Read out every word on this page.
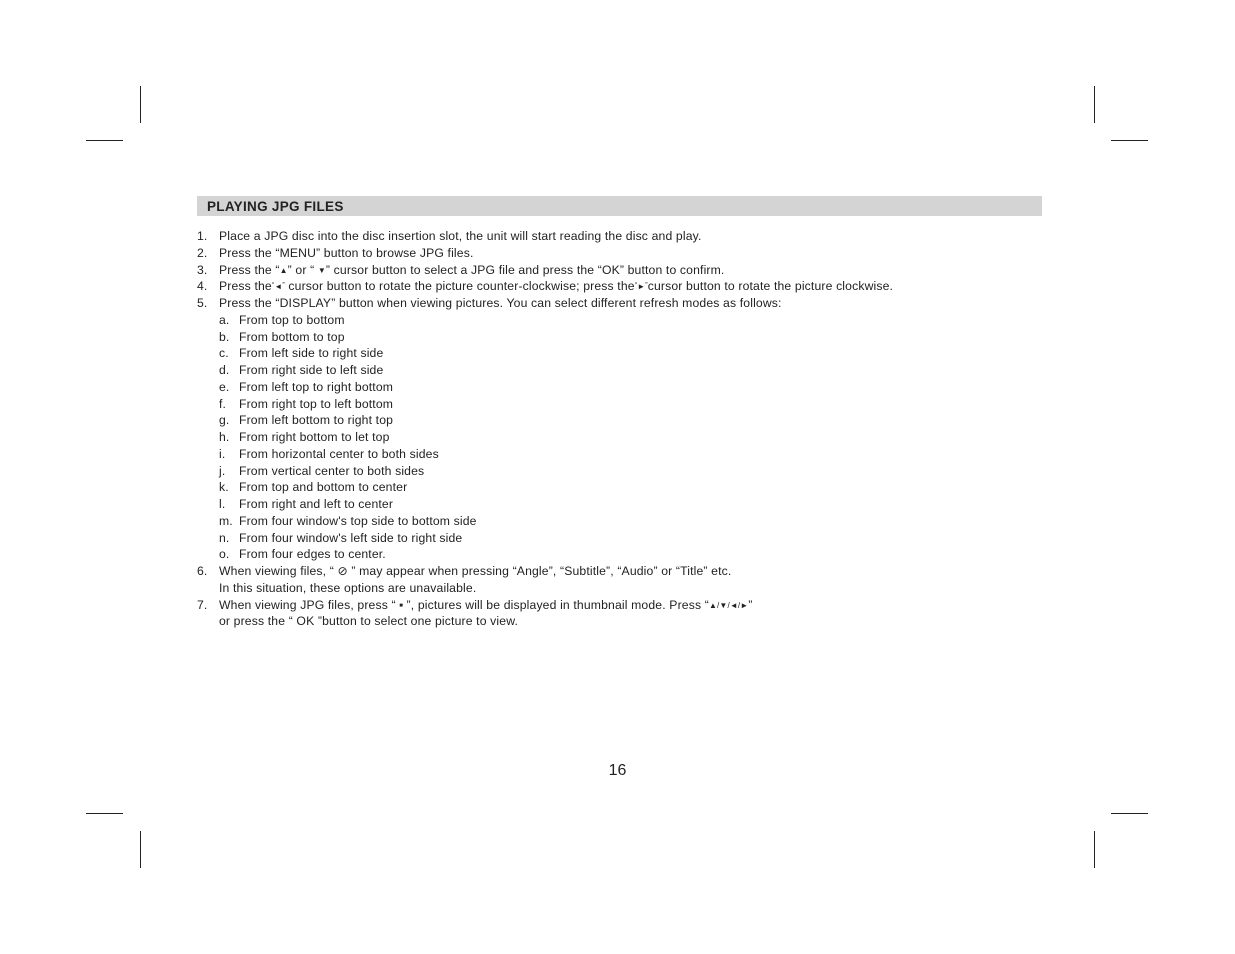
PLAYING JPG FILES
1. Place a JPG disc into the disc insertion slot, the unit will start reading the disc and play.
2. Press the “MENU” button to browse JPG files.
3. Press the “▲” or “ ▼” cursor button to select a JPG file and press the “OK” button to confirm.
4. Press the“◄” cursor button to rotate the picture counter-clockwise; press the“►”cursor button to rotate the picture clockwise.
5. Press the “DISPLAY” button when viewing pictures. You can select different refresh modes as follows:
a. From top to bottom
b. From bottom to top
c. From left side to right side
d. From right side to left side
e. From left top to right bottom
f. From right top to left bottom
g. From left bottom to right top
h. From right bottom to let top
i. From horizontal center to both sides
j. From vertical center to both sides
k. From top and bottom to center
l. From right and left to center
m. From four window's top side to bottom side
n. From four window's left side to right side
o. From four edges to center.
6. When viewing files, “ ⊘ ” may appear when pressing “Angle”, “Subtitle”, “Audio” or “Title” etc.
In this situation, these options are unavailable.
7. When viewing JPG files, press “ ■ ”, pictures will be displayed in thumbnail mode. Press “▲/▼/◄/►”
or press the “ OK ”button to select one picture to view.
16
